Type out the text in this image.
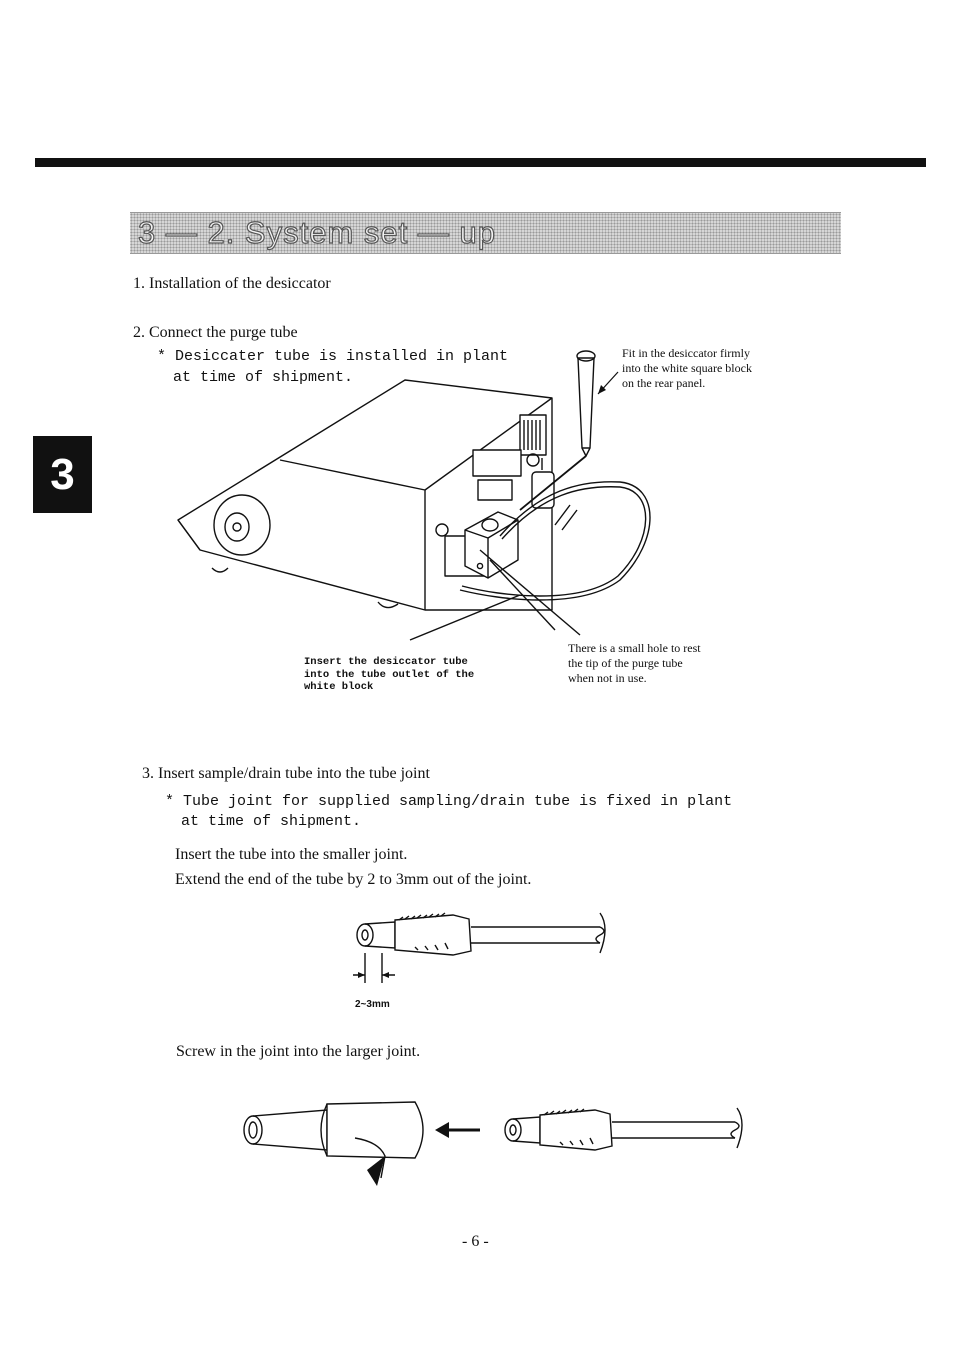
3 — 2. System set — up
3
1. Installation of the desiccator
2. Connect the purge tube
* Desiccater tube is installed in plant
at time of shipment.
Fit in the desiccator firmly
into the white square block
on the rear panel.
Insert the desiccator tube
into the tube outlet of the
white block
There is a small hole to rest
the tip of the purge tube
when not in use.
3. Insert sample/drain tube into the tube joint
* Tube joint for supplied sampling/drain tube is fixed in plant
at time of shipment.
Insert the tube into the smaller joint.
Extend the end of the tube by 2 to 3mm out of the joint.
2~3mm
Screw in the joint into the larger joint.
- 6 -
